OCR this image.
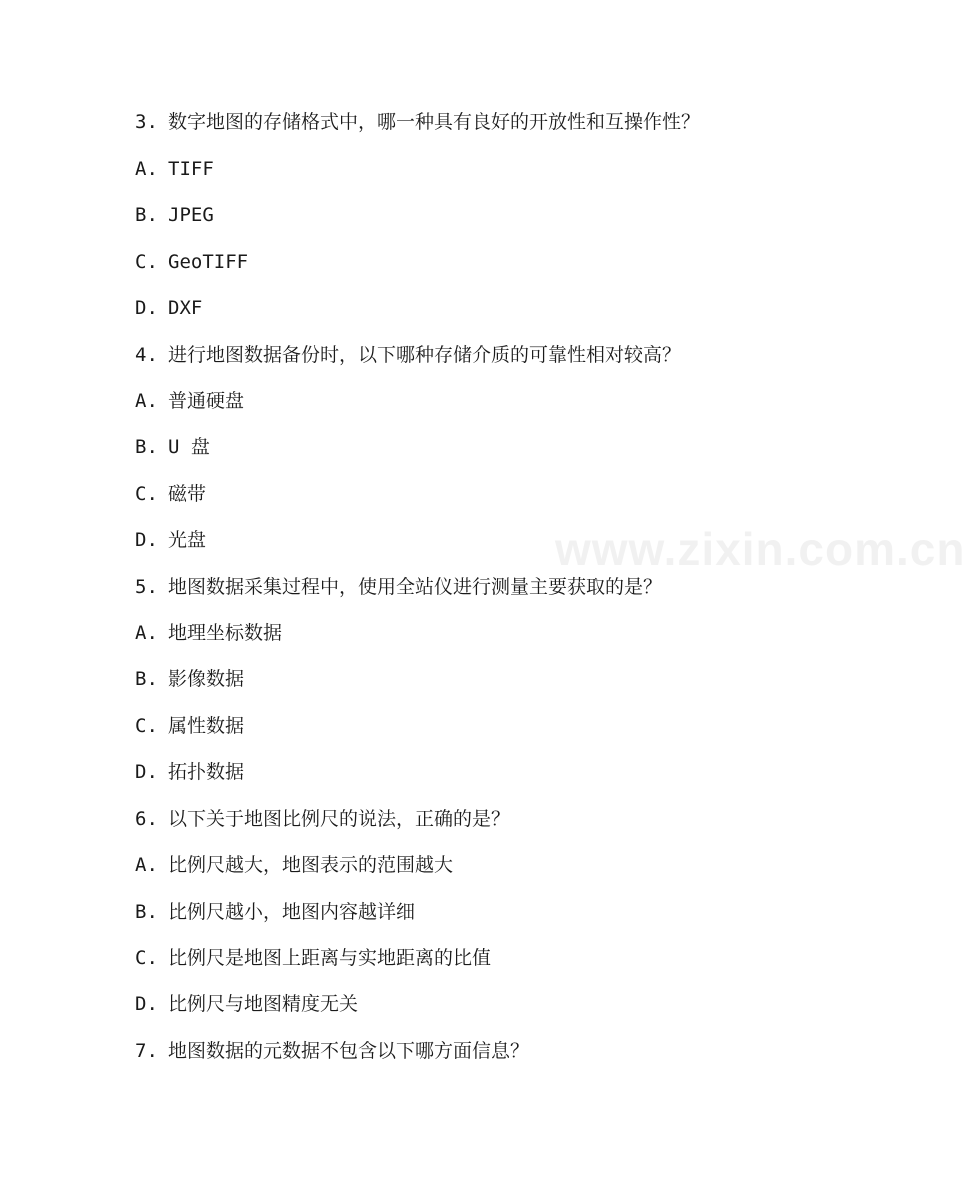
www.zixin.com.cn
3. 数字地图的存储格式中，哪一种具有良好的开放性和互操作性？
A. TIFF
B. JPEG
C. GeoTIFF
D. DXF
4. 进行地图数据备份时，以下哪种存储介质的可靠性相对较高？
A. 普通硬盘
B. U 盘
C. 磁带
D. 光盘
5. 地图数据采集过程中，使用全站仪进行测量主要获取的是？
A. 地理坐标数据
B. 影像数据
C. 属性数据
D. 拓扑数据
6. 以下关于地图比例尺的说法，正确的是？
A. 比例尺越大，地图表示的范围越大
B. 比例尺越小，地图内容越详细
C. 比例尺是地图上距离与实地距离的比值
D. 比例尺与地图精度无关
7. 地图数据的元数据不包含以下哪方面信息？
